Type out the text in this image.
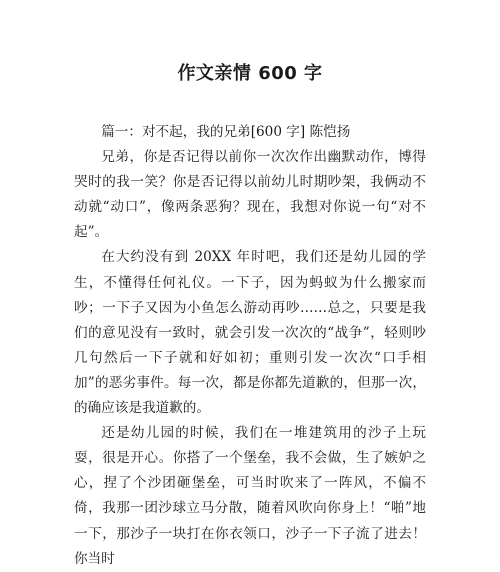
作文亲情 600 字

篇一：对不起，我的兄弟[600 字] 陈恺扬

兄弟，你是否记得以前你一次次作出幽默动作，博得哭时的我一笑？你是否记得以前幼儿时期吵架，我俩动不动就“动口”，像两条恶狗？现在，我想对你说一句“对不起”。

在大约没有到 20XX 年时吧，我们还是幼儿园的学生，不懂得任何礼仪。一下子，因为蚂蚁为什么搬家而吵；一下子又因为小鱼怎么游动再吵……总之，只要是我们的意见没有一致时，就会引发一次次的“战争”，轻则吵几句然后一下子就和好如初；重则引发一次次“口手相加”的恶劣事件。每一次，都是你都先道歉的，但那一次，的确应该是我道歉的。

还是幼儿园的时候，我们在一堆建筑用的沙子上玩耍，很是开心。你搭了一个堡垒，我不会做，生了嫉妒之心，捏了个沙团砸堡垒，可当时吹来了一阵风，不偏不倚，我那一团沙球立马分散，随着风吹向你身上！“啪”地一下，那沙子一块打在你衣领口，沙子一下子流了进去！你当时
